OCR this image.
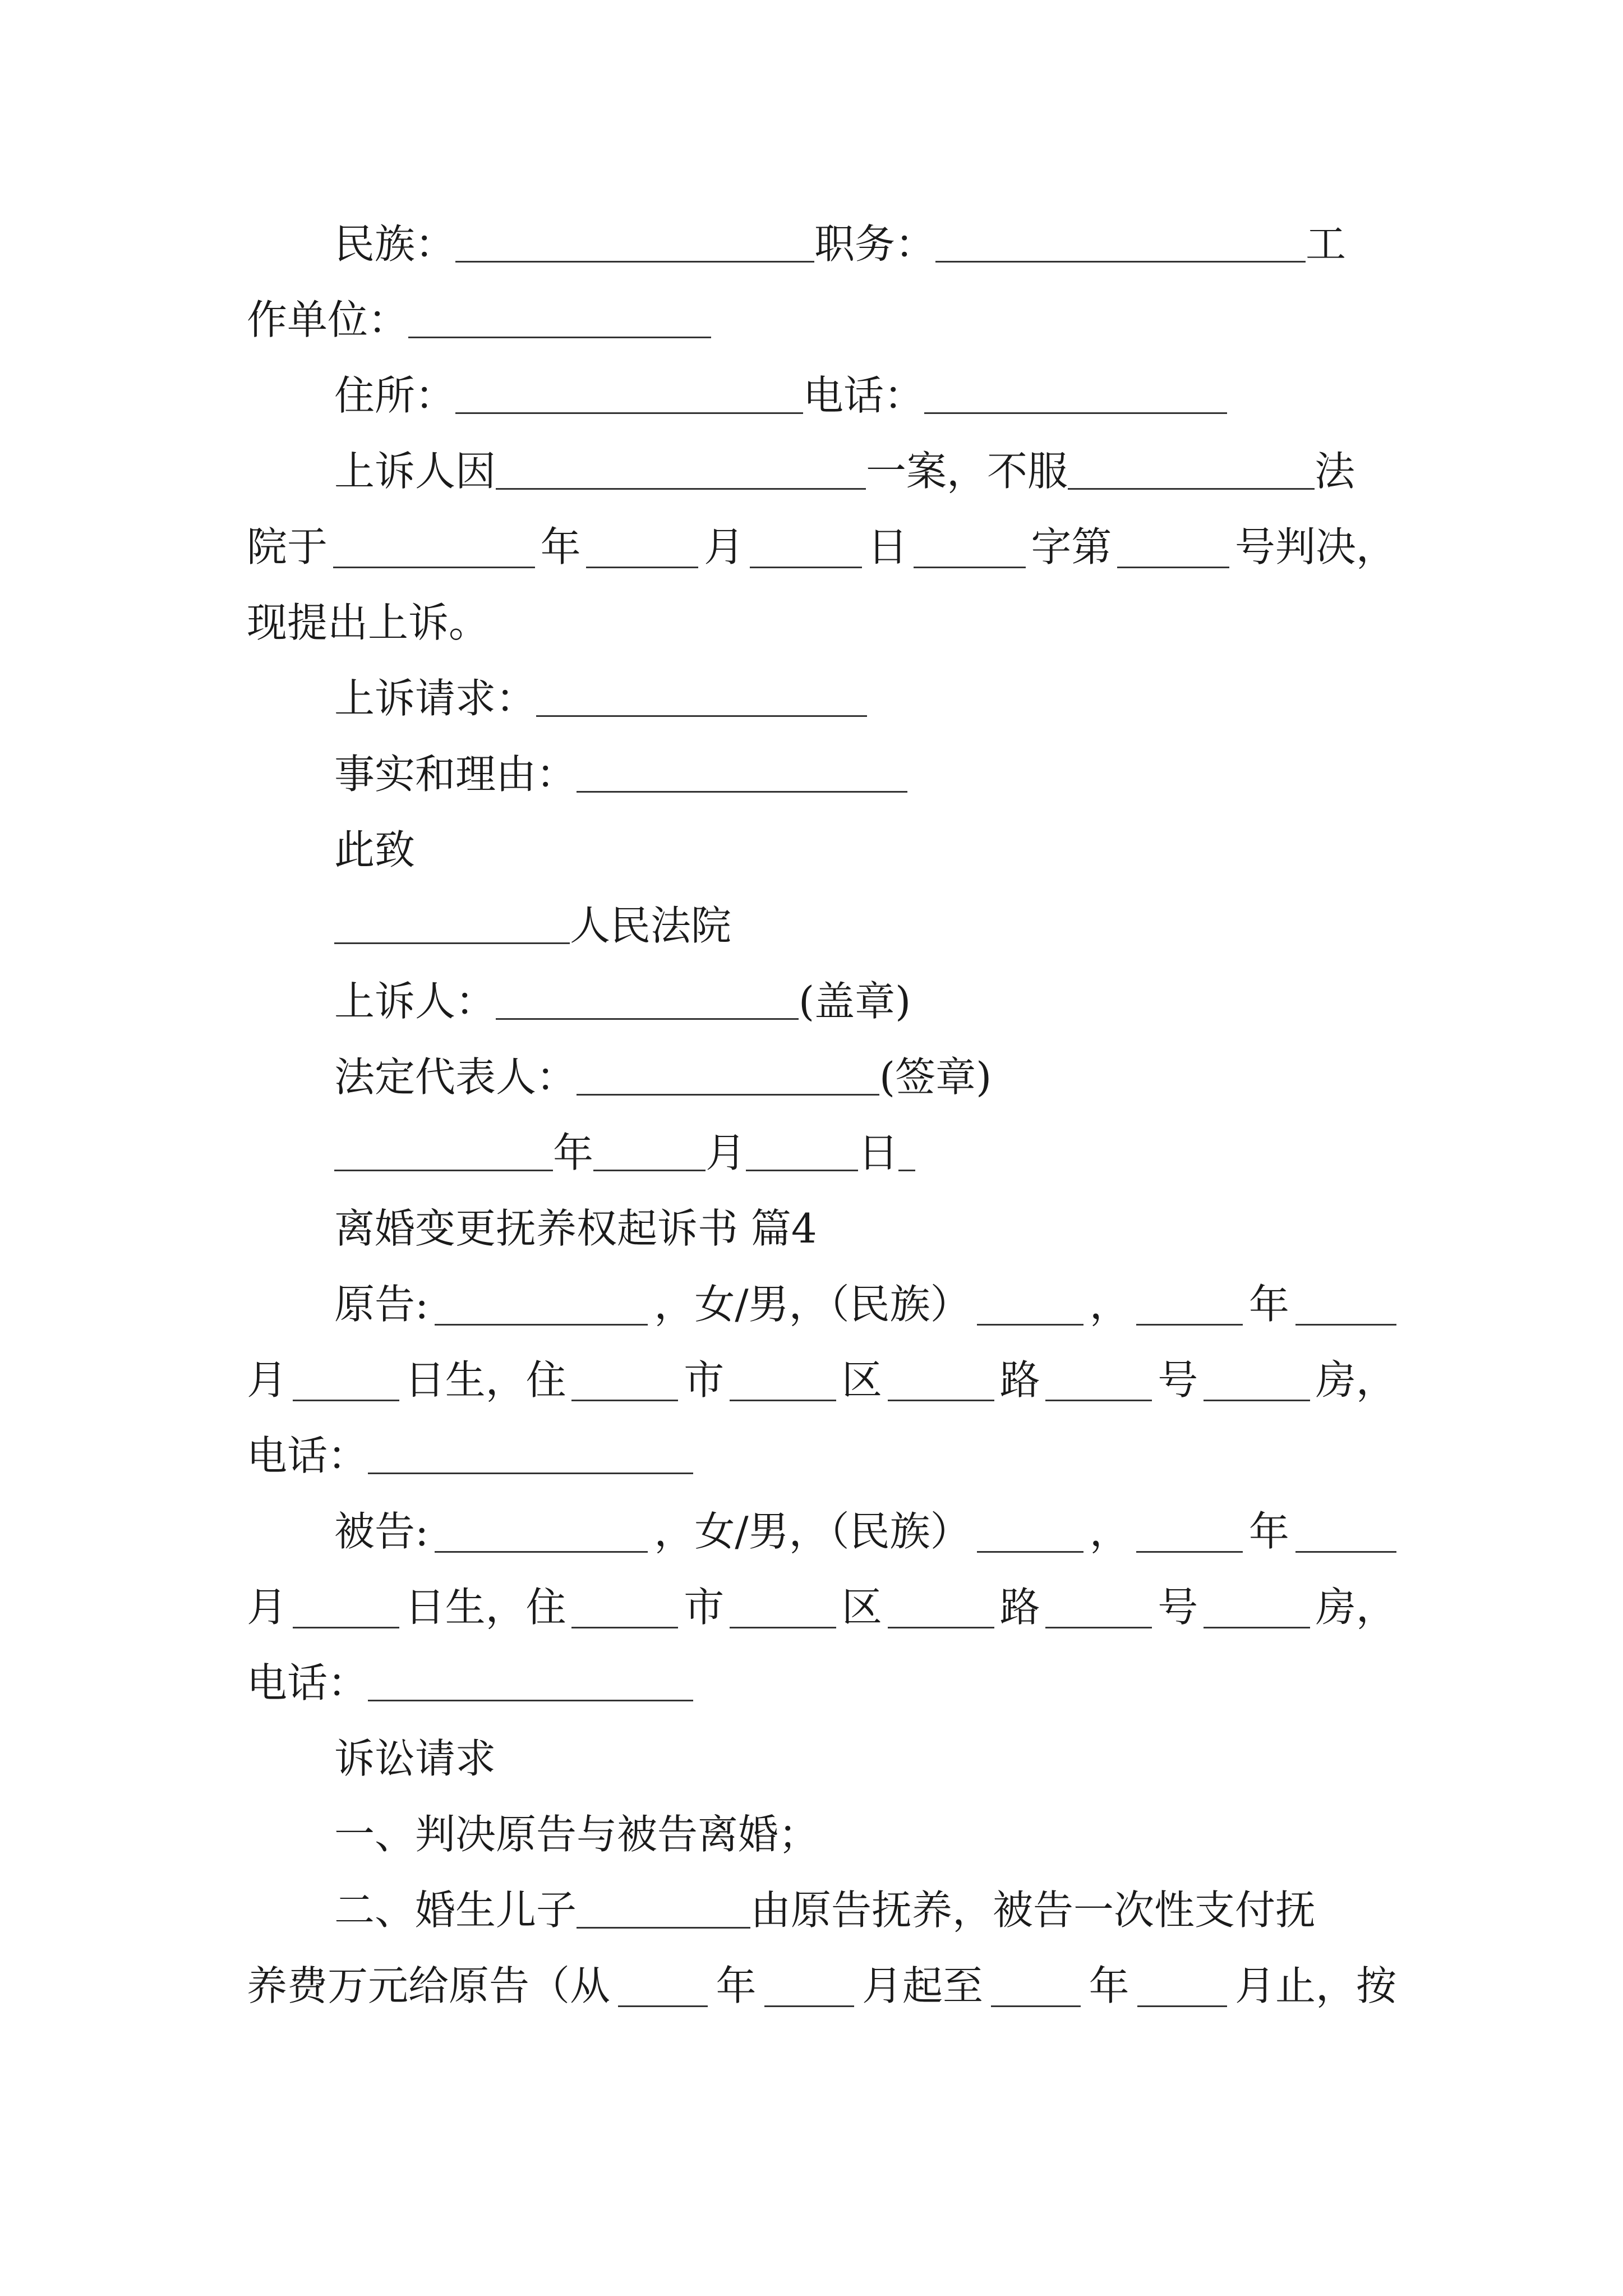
民族：	职务：	工
作单位：
住所：	电话：
上诉人因	一案，不服	法
院于	年	月	日	字第	号判决，
现提出上诉。
上诉请求：
事实和理由：
此致
人民法院
上诉人：	(盖章)
法定代表人：	(签章)
年	月	日
离婚变更抚养权起诉书 篇4
原告:	，女/男，（民族）	，	年
月	日生，住	市	区	路	号	房，
电话：
被告:	，女/男，（民族）	，	年
月	日生，住	市	区	路	号	房，
电话：
诉讼请求
一、判决原告与被告离婚；
二、婚生儿子	由原告抚养，被告一次性支付抚
养费万元给原告（从	年	月起至	年	月止，按
